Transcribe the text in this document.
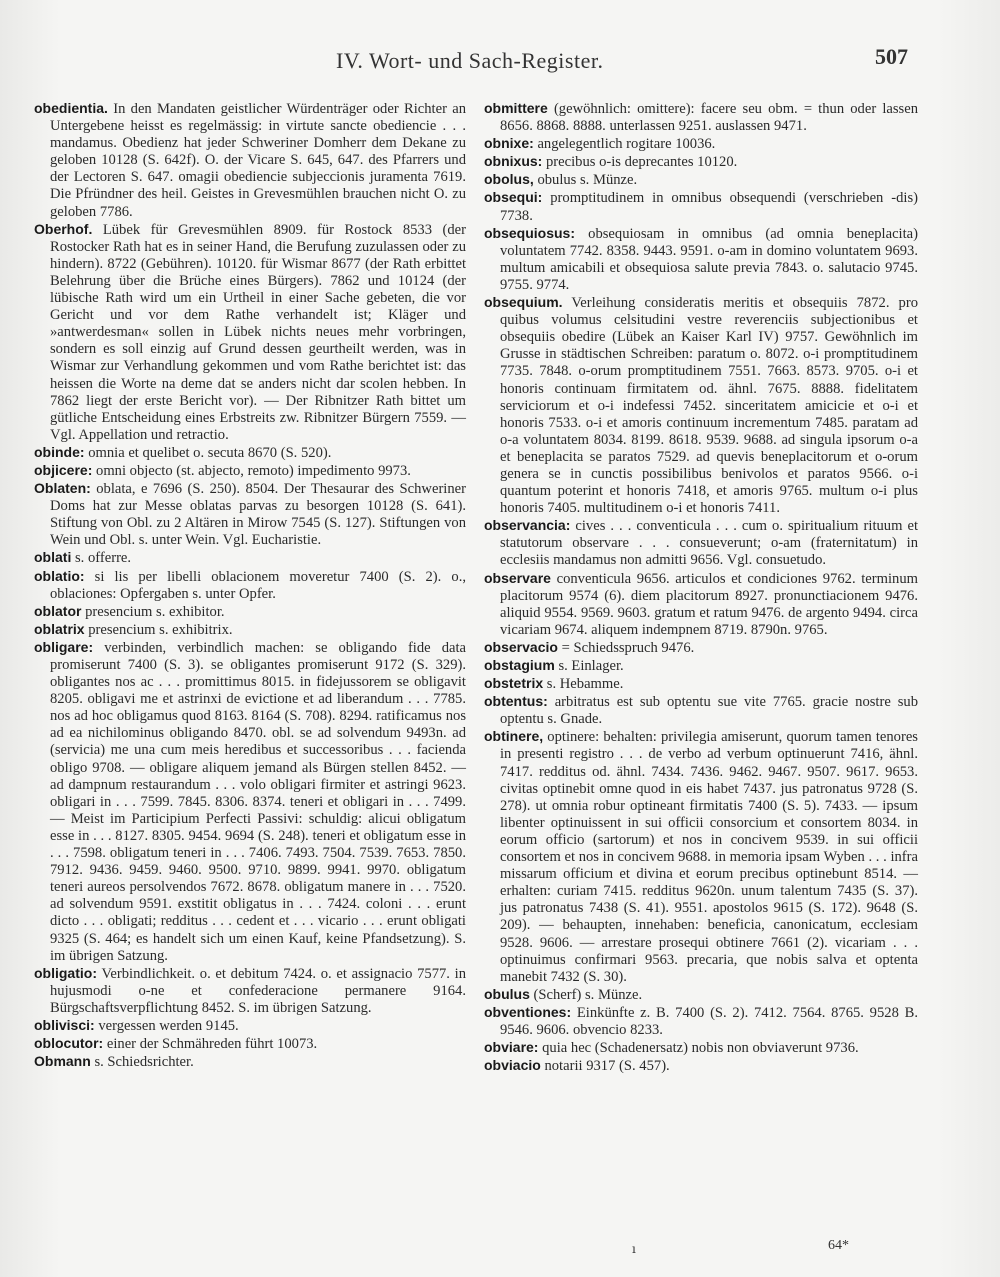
IV. Wort- und Sach-Register.	507

obedientia. In den Mandaten geistlicher Würdenträger oder Richter an Untergebene heisst es regelmässig: in virtute sancte obediencie . . . mandamus. Obedienz hat jeder Schweriner Domherr dem Dekane zu geloben 10128 (S. 642f). O. der Vicare S. 645, 647. des Pfarrers und der Lectoren S. 647. omagii obediencie subjeccionis juramenta 7619. Die Pfründner des heil. Geistes in Grevesmühlen brauchen nicht O. zu geloben 7786.

Oberhof. Lübek für Grevesmühlen 8909. für Rostock 8533 (der Rostocker Rath hat es in seiner Hand, die Berufung zuzulassen oder zu hindern). 8722 (Gebühren). 10120. für Wismar 8677 (der Rath erbittet Belehrung über die Brüche eines Bürgers). 7862 und 10124 (der lübische Rath wird um ein Urtheil in einer Sache gebeten, die vor Gericht und vor dem Rathe verhandelt ist; Kläger und »antwerdesman« sollen in Lübek nichts neues mehr vorbringen, sondern es soll einzig auf Grund dessen geurtheilt werden, was in Wismar zur Verhandlung gekommen und vom Rathe berichtet ist: das heissen die Worte na deme dat se anders nicht dar scolen hebben. In 7862 liegt der erste Bericht vor). — Der Ribnitzer Rath bittet um gütliche Entscheidung eines Erbstreits zw. Ribnitzer Bürgern 7559. — Vgl. Appellation und retractio.

obinde: omnia et quelibet o. secuta 8670 (S. 520).

objicere: omni objecto (st. abjecto, remoto) impedimento 9973.

Oblaten: oblata, e 7696 (S. 250). 8504. Der Thesaurar des Schweriner Doms hat zur Messe oblatas parvas zu besorgen 10128 (S. 641). Stiftung von Obl. zu 2 Altären in Mirow 7545 (S. 127). Stiftungen von Wein und Obl. s. unter Wein. Vgl. Eucharistie.

oblati s. offerre.

oblatio: si lis per libelli oblacionem moveretur 7400 (S. 2). o., oblaciones: Opfergaben s. unter Opfer.

oblator presencium s. exhibitor.

oblatrix presencium s. exhibitrix.

obligare: verbinden, verbindlich machen: se obligando fide data promiserunt 7400 (S. 3). se obligantes promiserunt 9172 (S. 329). obligantes nos ac . . . promittimus 8015. in fidejussorem se obligavit 8205. obligavi me et astrinxi de evictione et ad liberandum . . . 7785. nos ad hoc obligamus quod 8163. 8164 (S. 708). 8294. ratificamus nos ad ea nichilominus obligando 8470. obl. se ad solvendum 9493n. ad (servicia) me una cum meis heredibus et successoribus . . . facienda obligo 9708. — obligare aliquem jemand als Bürgen stellen 8452. — ad dampnum restaurandum . . . volo obligari firmiter et astringi 9623. obligari in . . . 7599. 7845. 8306. 8374. teneri et obligari in . . . 7499. — Meist im Participium Perfecti Passivi: schuldig: alicui obligatum esse in . . . 8127. 8305. 9454. 9694 (S. 248). teneri et obligatum esse in . . . 7598. obligatum teneri in . . . 7406. 7493. 7504. 7539. 7653. 7850. 7912. 9436. 9459. 9460. 9500. 9710. 9899. 9941. 9970. obligatum teneri aureos persolvendos 7672. 8678. obligatum manere in . . . 7520. ad solvendum 9591. exstitit obligatus in . . . 7424. coloni . . . erunt dicto . . . obligati; redditus . . . cedent et . . . vicario . . . erunt obligati 9325 (S. 464; es handelt sich um einen Kauf, keine Pfandsetzung). S. im übrigen Satzung.

obligatio: Verbindlichkeit. o. et debitum 7424. o. et assignacio 7577. in hujusmodi o-ne et confederacione permanere 9164. Bürgschaftsverpflichtung 8452. S. im übrigen Satzung.

oblivisci: vergessen werden 9145.

oblocutor: einer der Schmähreden führt 10073.

Obmann s. Schiedsrichter.

obmittere (gewöhnlich: omittere): facere seu obm. = thun oder lassen 8656. 8868. 8888. unterlassen 9251. auslassen 9471.

obnixe: angelegentlich rogitare 10036.

obnixus: precibus o-is deprecantes 10120.

obolus, obulus s. Münze.

obsequi: promptitudinem in omnibus obsequendi (verschrieben -dis) 7738.

obsequiosus: obsequiosam in omnibus (ad omnia beneplacita) voluntatem 7742. 8358. 9443. 9591. o-am in domino voluntatem 9693. multum amicabili et obsequiosa salute previa 7843. o. salutacio 9745. 9755. 9774.

obsequium. Verleihung consideratis meritis et obsequiis 7872. pro quibus volumus celsitudini vestre reverenciis subjectionibus et obsequiis obedire (Lübek an Kaiser Karl IV) 9757. Gewöhnlich im Grusse in städtischen Schreiben: paratum o. 8072. o-i promptitudinem 7735. 7848. o-orum promptitudinem 7551. 7663. 8573. 9705. o-i et honoris continuam firmitatem od. ähnl. 7675. 8888. fidelitatem serviciorum et o-i indefessi 7452. sinceritatem amicicie et o-i et honoris 7533. o-i et amoris continuum incrementum 7485. paratam ad o-a voluntatem 8034. 8199. 8618. 9539. 9688. ad singula ipsorum o-a et beneplacita se paratos 7529. ad quevis beneplacitorum et o-orum genera se in cunctis possibilibus benivolos et paratos 9566. o-i quantum poterint et honoris 7418, et amoris 9765. multum o-i plus honoris 7405. multitudinem o-i et honoris 7411.

observancia: cives . . . conventicula . . . cum o. spiritualium rituum et statutorum observare . . . consueverunt; o-am (fraternitatum) in ecclesiis mandamus non admitti 9656. Vgl. consuetudo.

observare conventicula 9656. articulos et condiciones 9762. terminum placitorum 9574 (6). diem placitorum 8927. pronunctiacionem 9476. aliquid 9554. 9569. 9603. gratum et ratum 9476. de argento 9494. circa vicariam 9674. aliquem indempnem 8719. 8790n. 9765.

observacio = Schiedsspruch 9476.

obstagium s. Einlager.

obstetrix s. Hebamme.

obtentus: arbitratus est sub optentu sue vite 7765. gracie nostre sub optentu s. Gnade.

obtinere, optinere: behalten: privilegia amiserunt, quorum tamen tenores in presenti registro . . . de verbo ad verbum optinuerunt 7416, ähnl. 7417. redditus od. ähnl. 7434. 7436. 9462. 9467. 9507. 9617. 9653. civitas optinebit omne quod in eis habet 7437. jus patronatus 9728 (S. 278). ut omnia robur optineant firmitatis 7400 (S. 5). 7433. — ipsum libenter optinuissent in sui officii consorcium et consortem 8034. in eorum officio (sartorum) et nos in concivem 9539. in sui officii consortem et nos in concivem 9688. in memoria ipsam Wyben . . . infra missarum officium et divina et eorum precibus optinebunt 8514. — erhalten: curiam 7415. redditus 9620n. unum talentum 7435 (S. 37). jus patronatus 7438 (S. 41). 9551. apostolos 9615 (S. 172). 9648 (S. 209). — behaupten, innehaben: beneficia, canonicatum, ecclesiam 9528. 9606. — arrestare prosequi obtinere 7661 (2). vicariam . . . optinuimus confirmari 9563. precaria, que nobis salva et optenta manebit 7432 (S. 30).

obulus (Scherf) s. Münze.

obventiones: Einkünfte z. B. 7400 (S. 2). 7412. 7564. 8765. 9528 B. 9546. 9606. obvencio 8233.

obviare: quia hec (Schadenersatz) nobis non obviaverunt 9736.

obviacio notarii 9317 (S. 457).

ı	64*
